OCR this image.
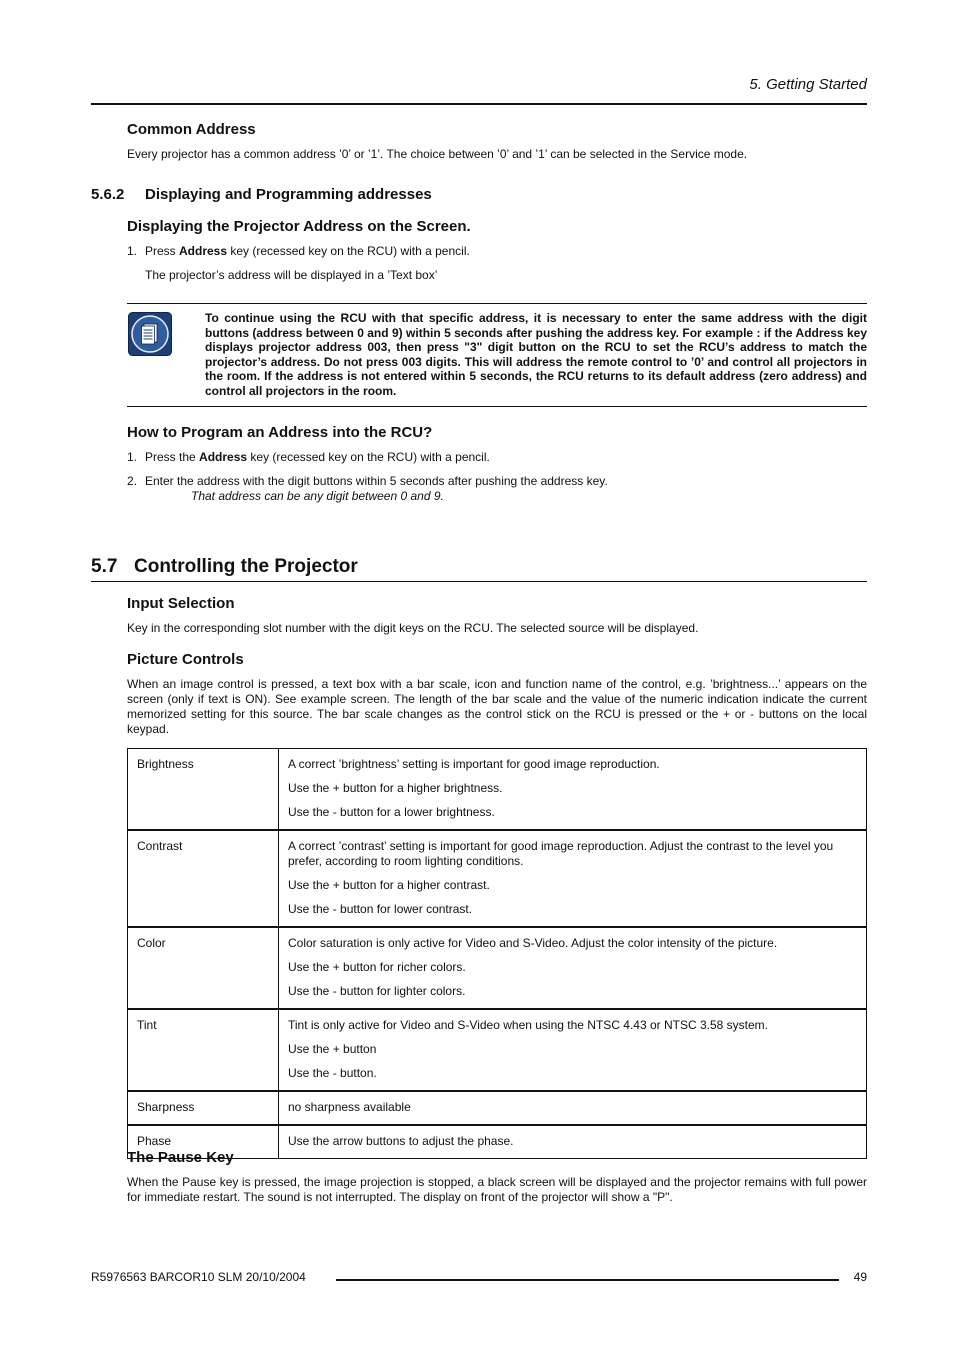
5. Getting Started
Common Address
Every projector has a common address ’0’ or ’1’. The choice between ’0’ and ’1’ can be selected in the Service mode.
5.6.2 Displaying and Programming addresses
Displaying the Projector Address on the Screen.
1. Press Address key (recessed key on the RCU) with a pencil.
The projector’s address will be displayed in a ’Text box’
To continue using the RCU with that specific address, it is necessary to enter the same address with the digit buttons (address between 0 and 9) within 5 seconds after pushing the address key. For example : if the Address key displays projector address 003, then press "3" digit button on the RCU to set the RCU’s address to match the projector’s address. Do not press 003 digits. This will address the remote control to ’0’ and control all projectors in the room. If the address is not entered within 5 seconds, the RCU returns to its default address (zero address) and control all projectors in the room.
How to Program an Address into the RCU?
1. Press the Address key (recessed key on the RCU) with a pencil.
2. Enter the address with the digit buttons within 5 seconds after pushing the address key.
That address can be any digit between 0 and 9.
5.7 Controlling the Projector
Input Selection
Key in the corresponding slot number with the digit keys on the RCU. The selected source will be displayed.
Picture Controls
When an image control is pressed, a text box with a bar scale, icon and function name of the control, e.g. ’brightness...’ appears on the screen (only if text is ON). See example screen. The length of the bar scale and the value of the numeric indication indicate the current memorized setting for this source. The bar scale changes as the control stick on the RCU is pressed or the + or - buttons on the local keypad.
Brightness	A correct ’brightness’ setting is important for good image reproduction.
Use the + button for a higher brightness.
Use the - button for a lower brightness.

Contrast	A correct ’contrast’ setting is important for good image reproduction. Adjust the contrast to the level you prefer, according to room lighting conditions.
Use the + button for a higher contrast.
Use the - button for lower contrast.

Color	Color saturation is only active for Video and S-Video. Adjust the color intensity of the picture.
Use the + button for richer colors.
Use the - button for lighter colors.

Tint	Tint is only active for Video and S-Video when using the NTSC 4.43 or NTSC 3.58 system.
Use the + button
Use the - button.

Sharpness	no sharpness available

Phase	Use the arrow buttons to adjust the phase.
The Pause Key
When the Pause key is pressed, the image projection is stopped, a black screen will be displayed and the projector remains with full power for immediate restart. The sound is not interrupted. The display on front of the projector will show a "P".
R5976563 BARCOR10 SLM 20/10/2004	49
